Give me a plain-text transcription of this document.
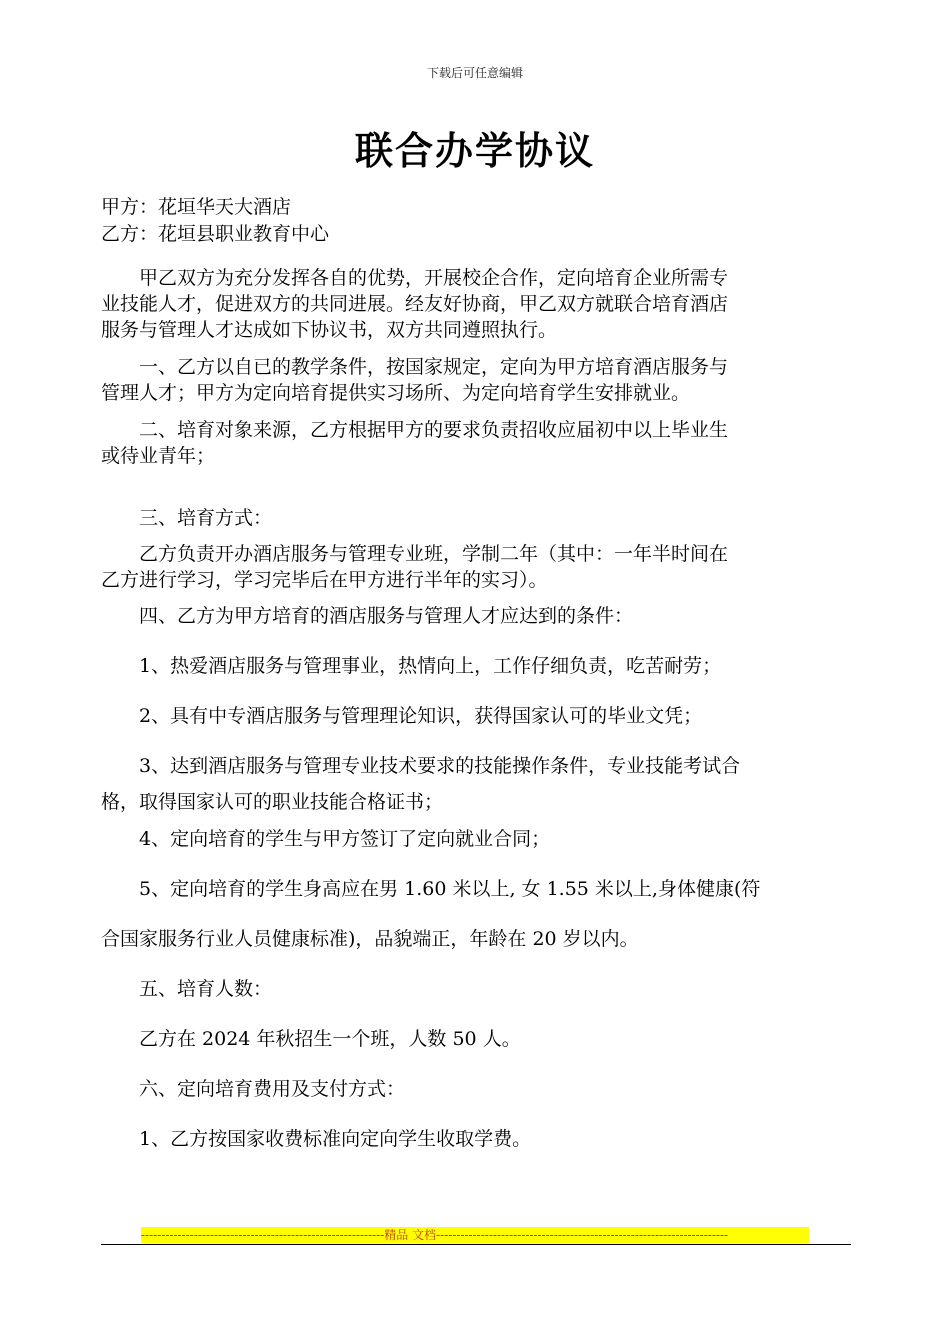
下载后可任意编辑
联合办学协议
甲方：花垣华天大酒店
乙方：花垣县职业教育中心
　　甲乙双方为充分发挥各自的优势，开展校企合作，定向培育企业所需专
业技能人才，促进双方的共同进展。经友好协商，甲乙双方就联合培育酒店
服务与管理人才达成如下协议书，双方共同遵照执行。
　　一、乙方以自已的教学条件，按国家规定，定向为甲方培育酒店服务与
管理人才；甲方为定向培育提供实习场所、为定向培育学生安排就业。
　　二、培育对象来源，乙方根据甲方的要求负责招收应届初中以上毕业生
或待业青年；
　　三、培育方式：
　　乙方负责开办酒店服务与管理专业班，学制二年（其中：一年半时间在
乙方进行学习，学习完毕后在甲方进行半年的实习）。
　　四、乙方为甲方培育的酒店服务与管理人才应达到的条件：
　　1、热爱酒店服务与管理事业，热情向上，工作仔细负责，吃苦耐劳；
　　2、具有中专酒店服务与管理理论知识，获得国家认可的毕业文凭；
　　3、达到酒店服务与管理专业技术要求的技能操作条件，专业技能考试合
格，取得国家认可的职业技能合格证书；
　　4、定向培育的学生与甲方签订了定向就业合同；
　　5、定向培育的学生身高应在男 1.60 米以上, 女 1.55 米以上,身体健康(符
合国家服务行业人员健康标准)，品貌端正，年龄在 20 岁以内。
　　五、培育人数：
　　乙方在 2024 年秋招生一个班，人数 50 人。
　　六、定向培育费用及支付方式：
　　1、乙方按国家收费标准向定向学生收取学费。
------------------------------------------------------------精品 文档------------------------------------------------------------------------
